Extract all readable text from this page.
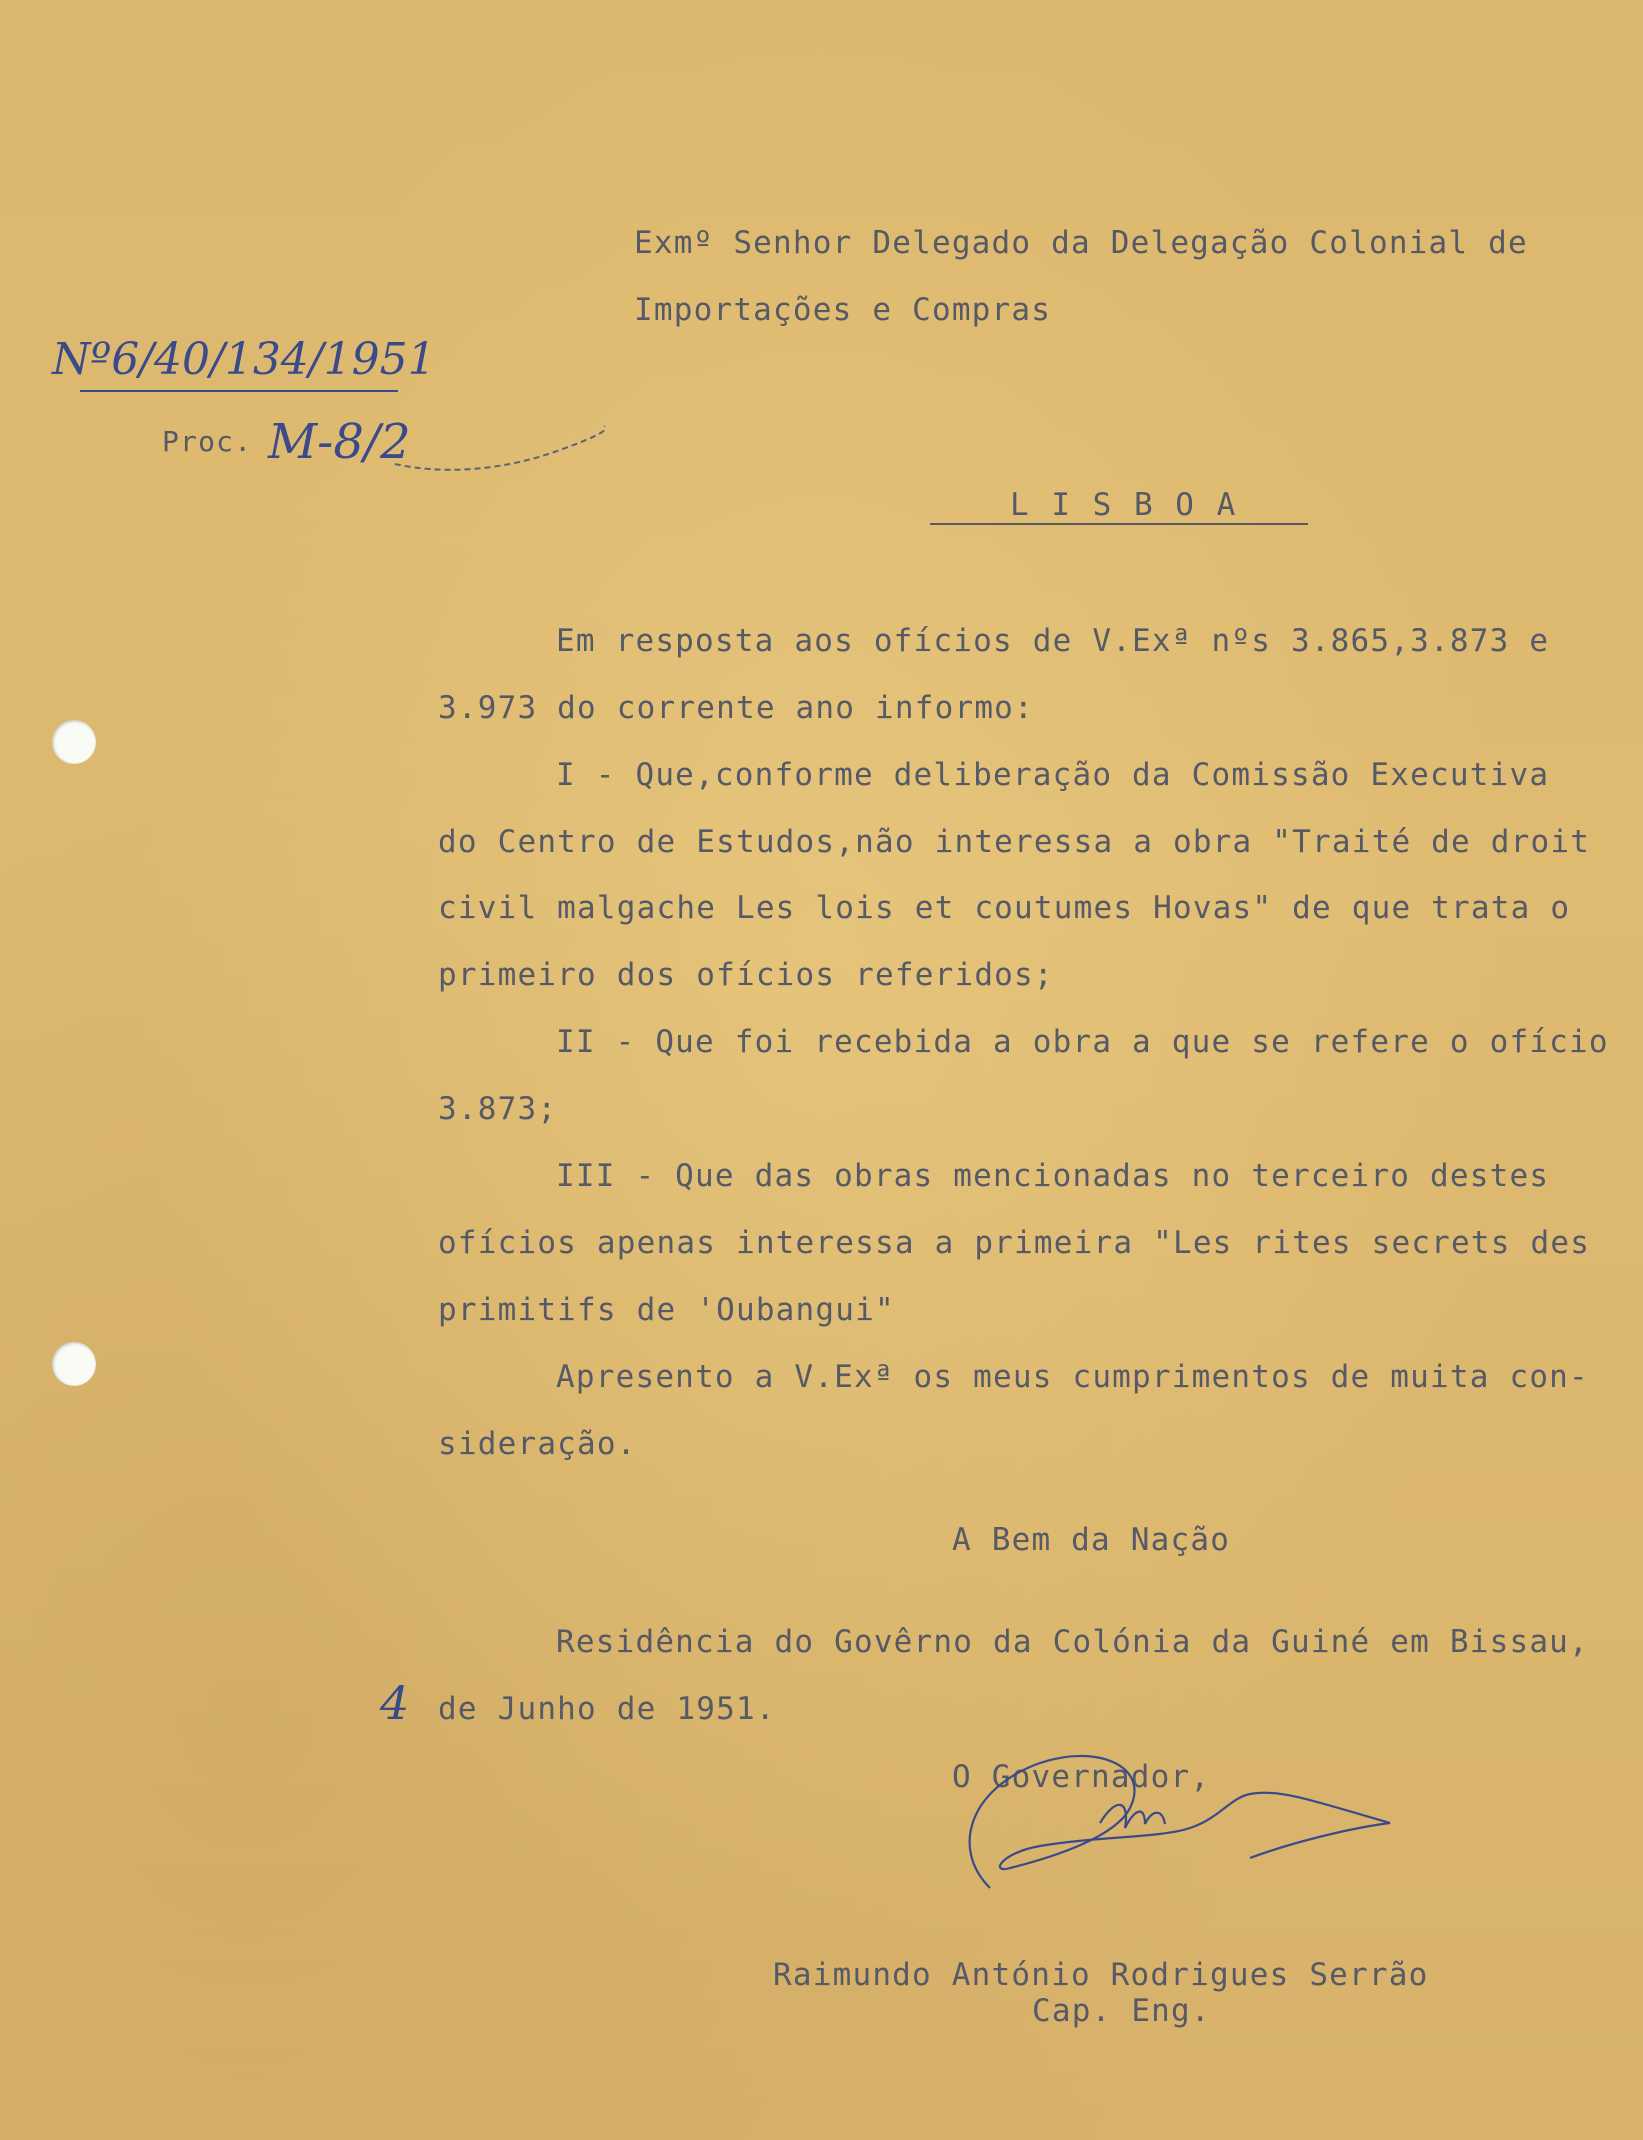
Exmº Senhor Delegado da Delegação Colonial de
Importações e Compras
Nº6/40/134/1951
Proc. M-8/2
L I S B O A
Em resposta aos ofícios de V.Exª nºs 3.865,3.873 e
3.973 do corrente ano informo:
I - Que,conforme deliberação da Comissão Executiva
do Centro de Estudos,não interessa a obra "Traité de droit
civil malgache Les lois et coutumes Hovas" de que trata o
primeiro dos ofícios referidos;
II - Que foi recebida a obra a que se refere o ofício
3.873;
III - Que das obras mencionadas no terceiro destes
ofícios apenas interessa a primeira "Les rites secrets des
primitifs de 'Oubangui"
Apresento a V.Exª os meus cumprimentos de muita con-
sideração.
A Bem da Nação
Residência do Govêrno da Colónia da Guiné em Bissau,
4 de Junho de 1951.
O Governador,
Raimundo António Rodrigues Serrão
Cap. Eng.
